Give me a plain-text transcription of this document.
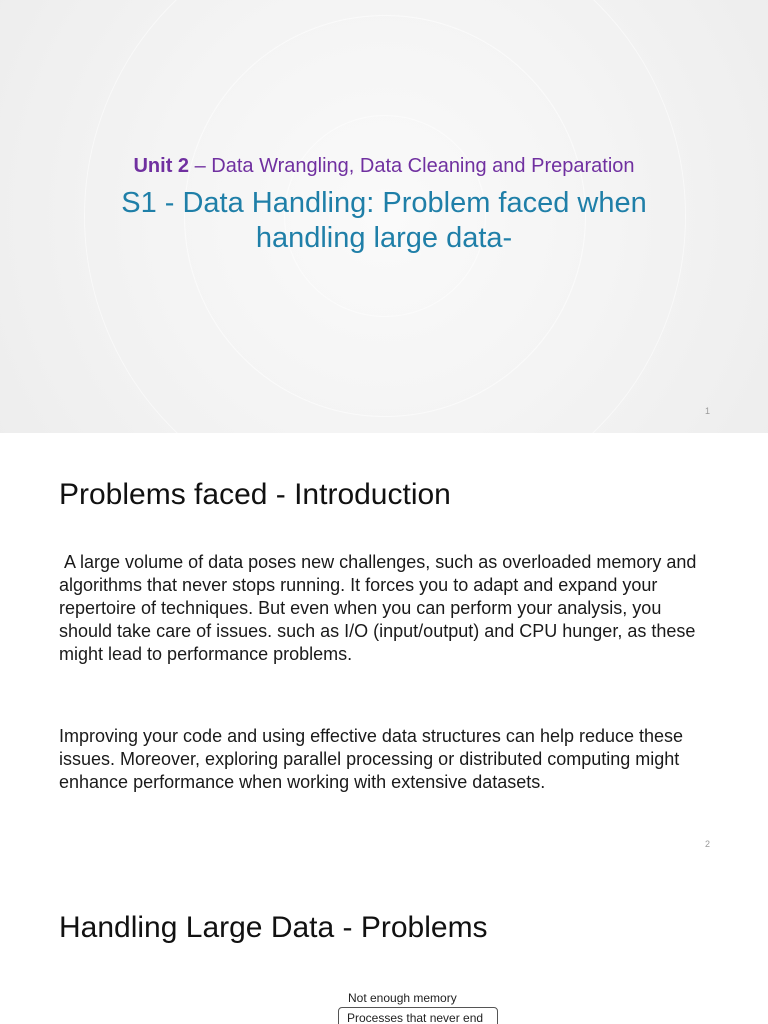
Unit 2 – Data Wrangling, Data Cleaning and Preparation
S1 - Data Handling: Problem faced when
handling large data-
1
Problems faced - Introduction
A large volume of data poses new challenges, such as overloaded memory and algorithms that never stops running. It forces you to adapt and expand your repertoire of techniques. But even when you can perform your analysis, you should take care of issues. such as I/O (input/output) and CPU hunger, as these might lead to performance problems.
Improving your code and using effective data structures can help reduce these issues. Moreover, exploring parallel processing or distributed computing might enhance performance when working with extensive datasets.
2
Handling Large Data - Problems
Not enough memory
Processes that never end
